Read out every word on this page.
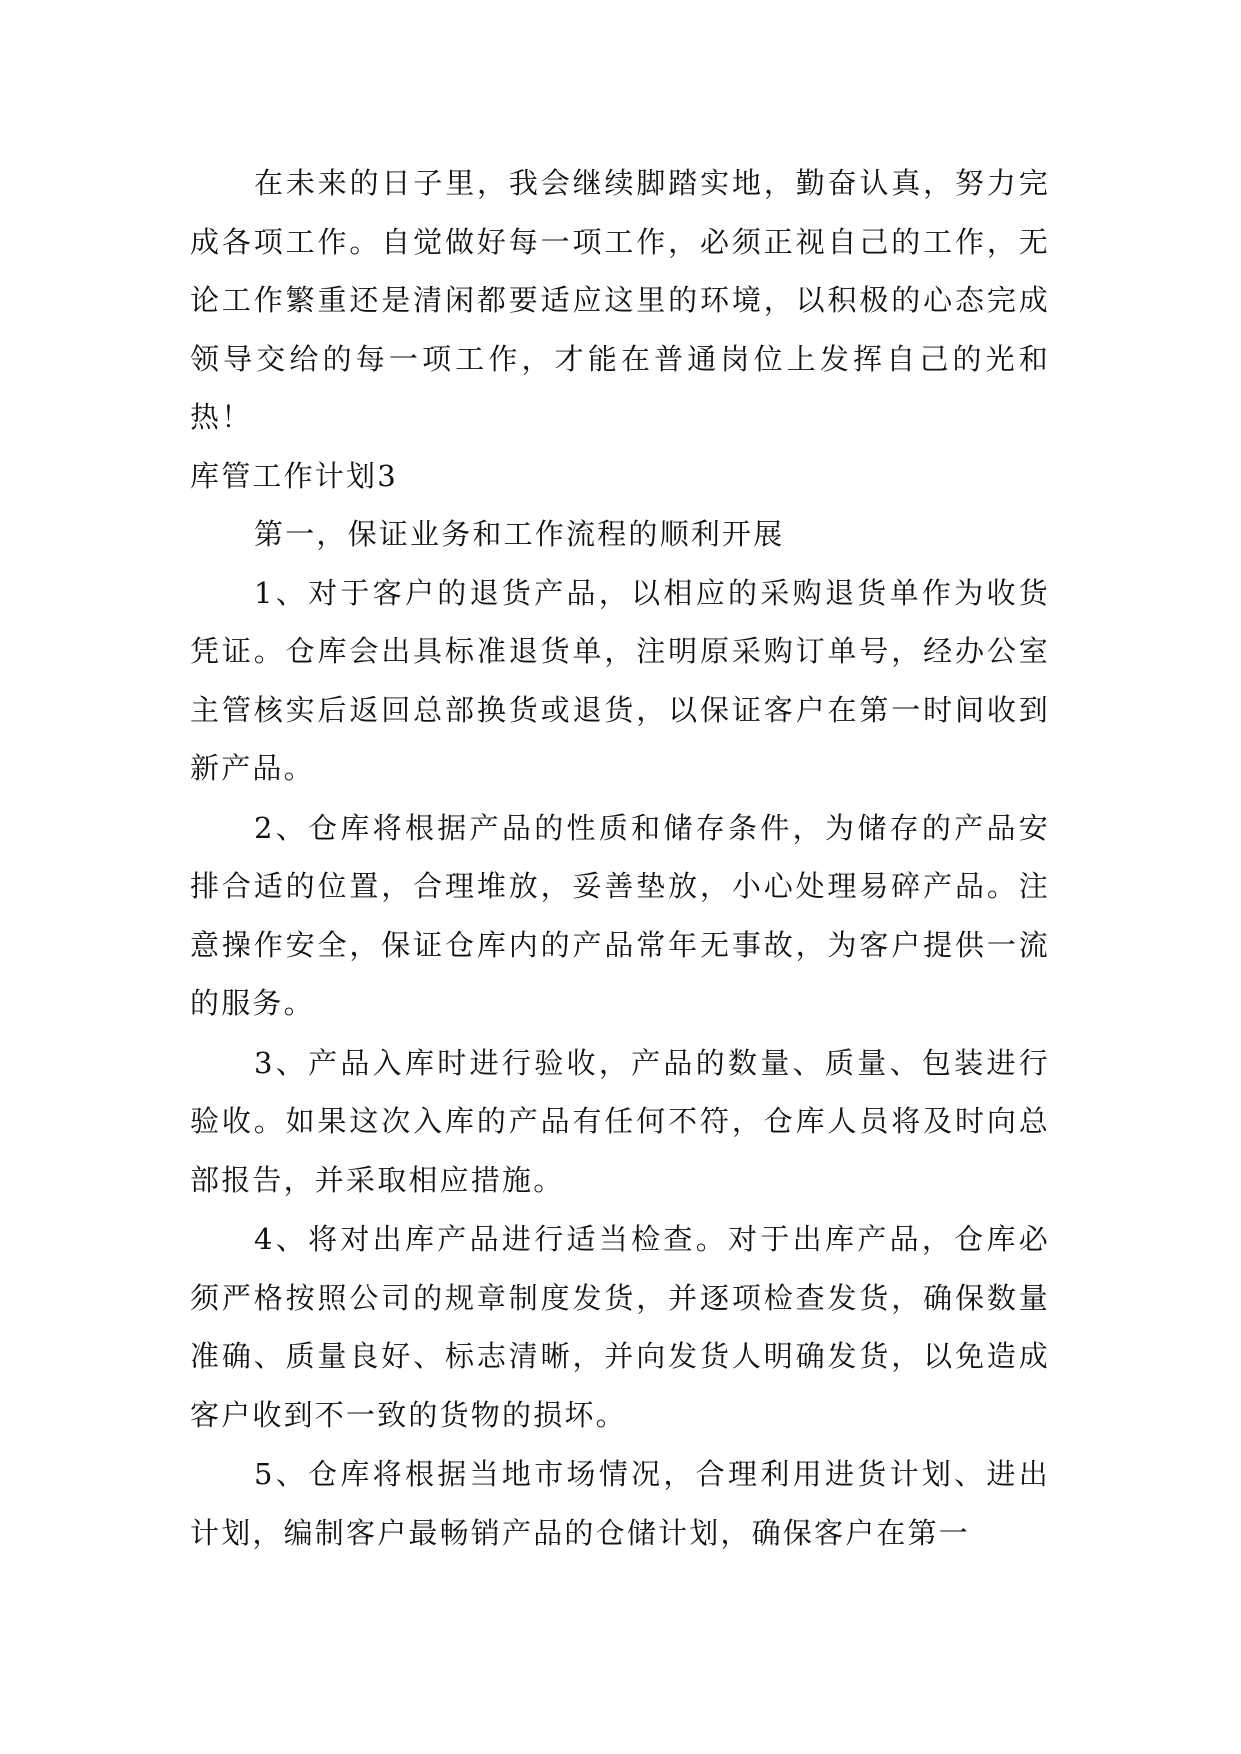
在未来的日子里，我会继续脚踏实地，勤奋认真，努力完成各项工作。自觉做好每一项工作，必须正视自己的工作，无论工作繁重还是清闲都要适应这里的环境，以积极的心态完成领导交给的每一项工作，才能在普通岗位上发挥自己的光和热！

库管工作计划3

第一，保证业务和工作流程的顺利开展

1、对于客户的退货产品，以相应的采购退货单作为收货凭证。仓库会出具标准退货单，注明原采购订单号，经办公室主管核实后返回总部换货或退货，以保证客户在第一时间收到新产品。

2、仓库将根据产品的性质和储存条件，为储存的产品安排合适的位置，合理堆放，妥善垫放，小心处理易碎产品。注意操作安全，保证仓库内的产品常年无事故，为客户提供一流的服务。

3、产品入库时进行验收，产品的数量、质量、包装进行验收。如果这次入库的产品有任何不符，仓库人员将及时向总部报告，并采取相应措施。

4、将对出库产品进行适当检查。对于出库产品，仓库必须严格按照公司的规章制度发货，并逐项检查发货，确保数量准确、质量良好、标志清晰，并向发货人明确发货，以免造成客户收到不一致的货物的损坏。

5、仓库将根据当地市场情况，合理利用进货计划、进出计划，编制客户最畅销产品的仓储计划，确保客户在第一
